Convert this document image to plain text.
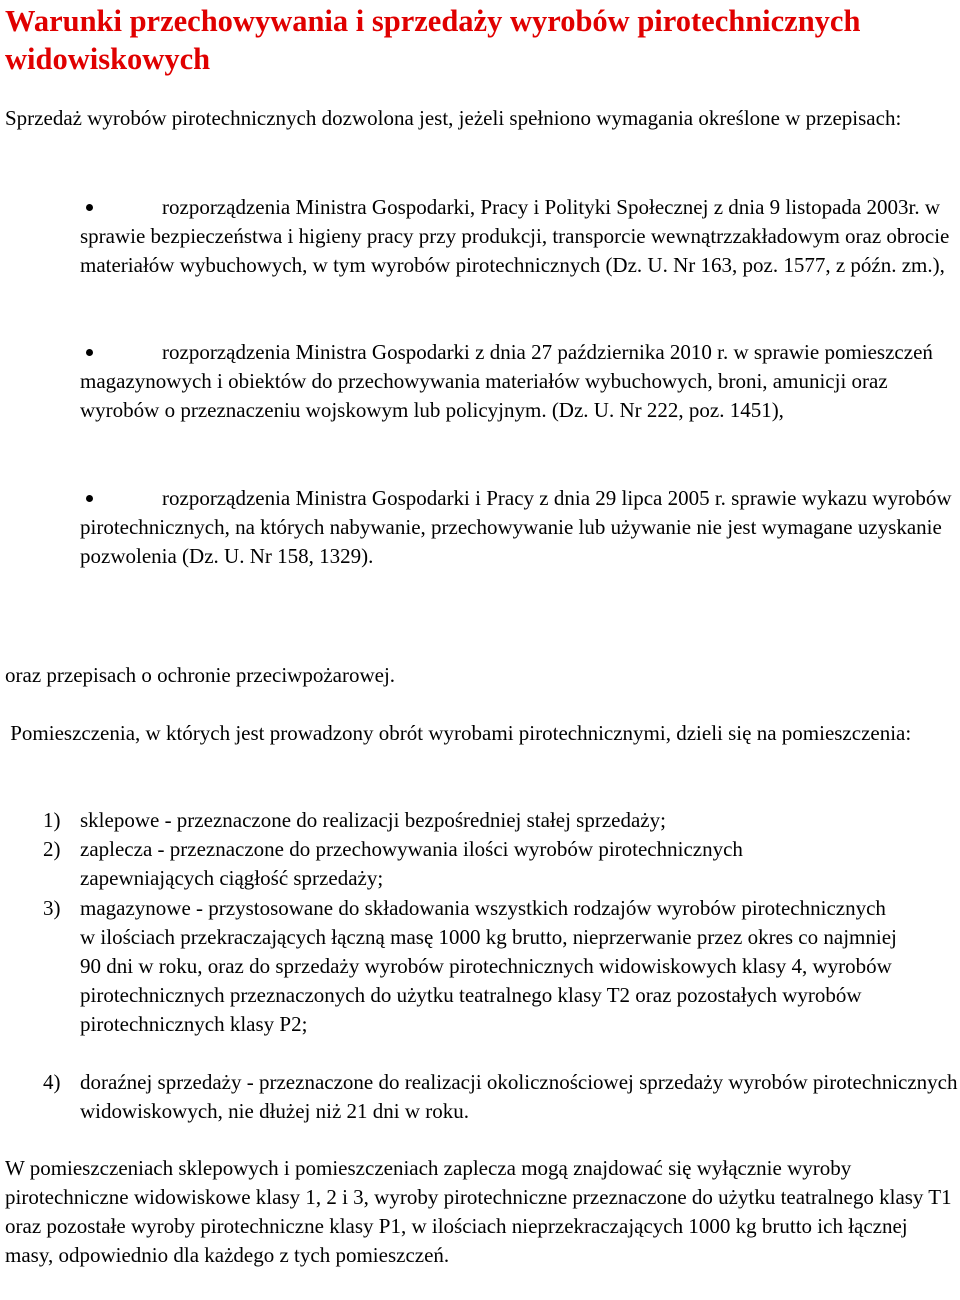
Warunki przechowywania i sprzedaży wyrobów pirotechnicznych widowiskowych

Sprzedaż wyrobów pirotechnicznych dozwolona jest, jeżeli spełniono wymagania określone w przepisach:

rozporządzenia Ministra Gospodarki, Pracy i Polityki Społecznej z dnia 9 listopada 2003r. w sprawie bezpieczeństwa i higieny pracy przy produkcji, transporcie wewnątrzzakładowym oraz obrocie materiałów wybuchowych, w tym wyrobów pirotechnicznych (Dz. U. Nr 163, poz. 1577, z późn. zm.),
rozporządzenia Ministra Gospodarki z dnia 27 października 2010 r. w sprawie pomieszczeń magazynowych i obiektów do przechowywania materiałów wybuchowych, broni, amunicji oraz wyrobów o przeznaczeniu wojskowym lub policyjnym. (Dz. U. Nr 222, poz. 1451),
rozporządzenia Ministra Gospodarki i Pracy z dnia 29 lipca 2005 r. sprawie wykazu wyrobów pirotechnicznych, na których nabywanie, przechowywanie lub używanie nie jest wymagane uzyskanie pozwolenia (Dz. U. Nr 158, 1329).

oraz przepisach o ochronie przeciwpożarowej.

Pomieszczenia, w których jest prowadzony obrót wyrobami pirotechnicznymi, dzieli się na pomieszczenia:

1) sklepowe - przeznaczone do realizacji bezpośredniej stałej sprzedaży;
2) zaplecza - przeznaczone do przechowywania ilości wyrobów pirotechnicznych zapewniających ciągłość sprzedaży;
3) magazynowe - przystosowane do składowania wszystkich rodzajów wyrobów pirotechnicznych w ilościach przekraczających łączną masę 1000 kg brutto, nieprzerwanie przez okres co najmniej 90 dni w roku, oraz do sprzedaży wyrobów pirotechnicznych widowiskowych klasy 4, wyrobów pirotechnicznych przeznaczonych do użytku teatralnego klasy T2 oraz pozostałych wyrobów pirotechnicznych klasy P2;
4) doraźnej sprzedaży - przeznaczone do realizacji okolicznościowej sprzedaży wyrobów pirotechnicznych widowiskowych, nie dłużej niż 21 dni w roku.

W pomieszczeniach sklepowych i pomieszczeniach zaplecza mogą znajdować się wyłącznie wyroby pirotechniczne widowiskowe klasy 1, 2 i 3, wyroby pirotechniczne przeznaczone do użytku teatralnego klasy T1 oraz pozostałe wyroby pirotechniczne klasy P1, w ilościach nieprzekraczających 1000 kg brutto ich łącznej masy, odpowiednio dla każdego z tych pomieszczeń.
